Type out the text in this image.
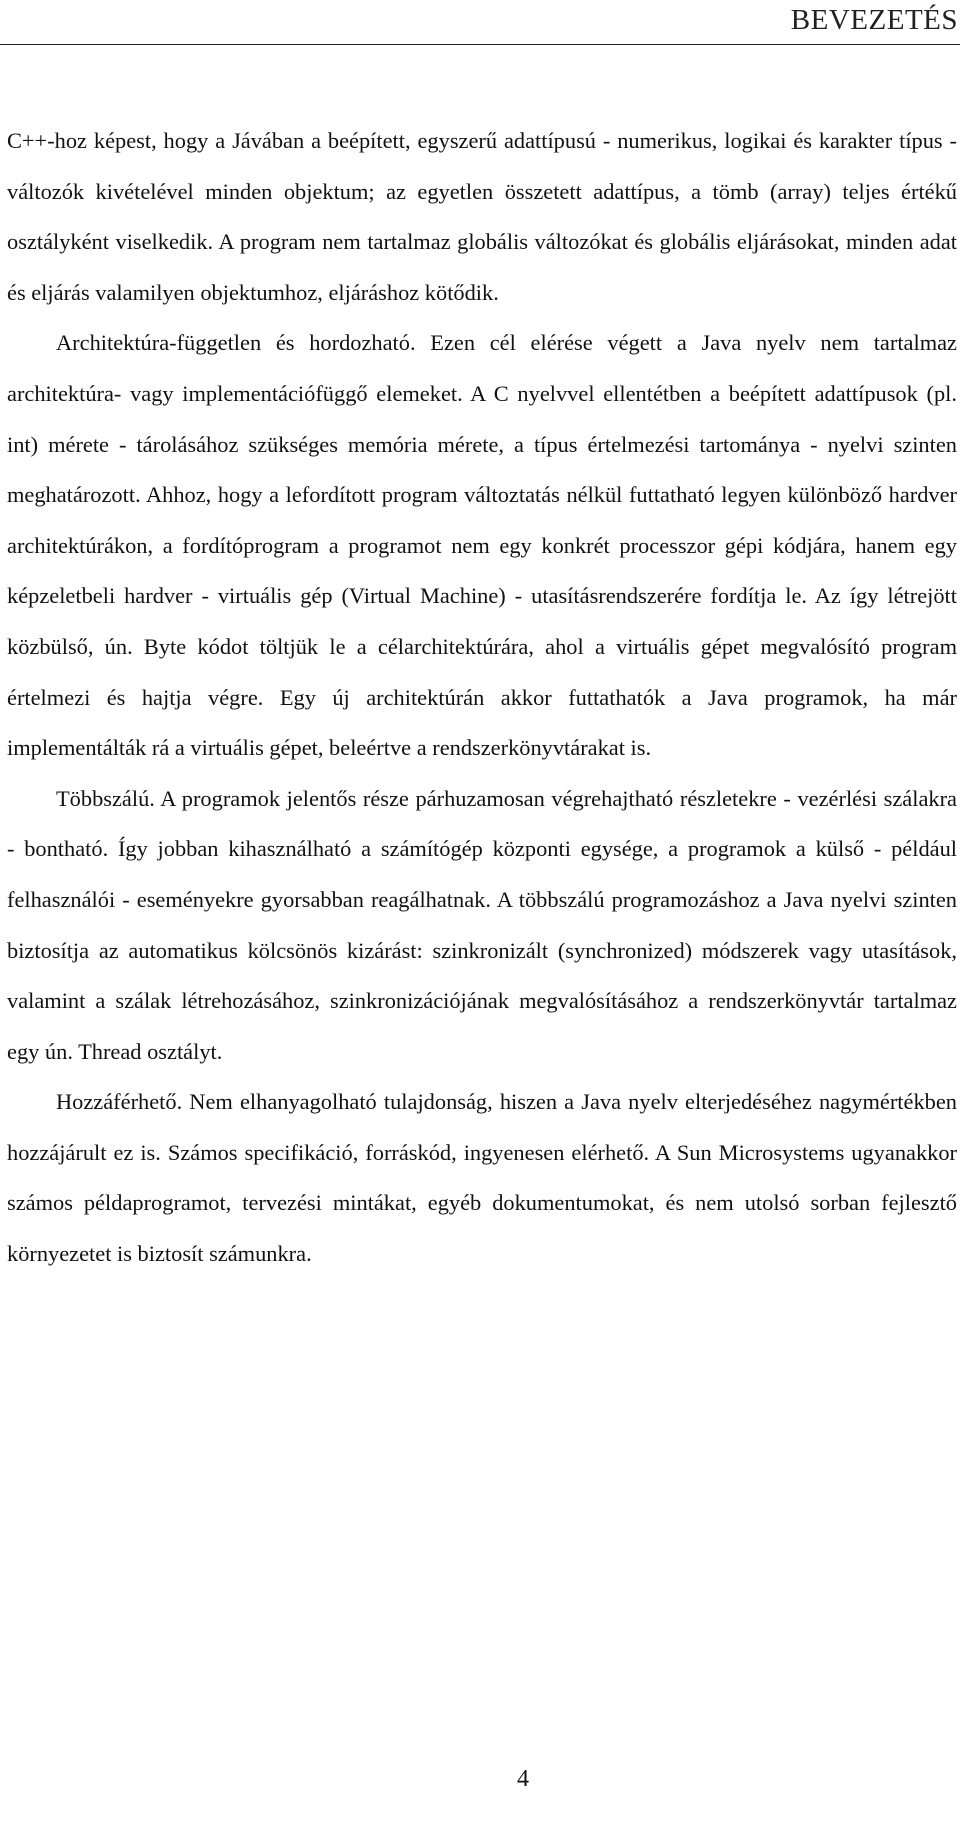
BEVEZETÉS

C++-hoz képest, hogy a Jávában a beépített, egyszerű adattípusú - numerikus, logikai és karakter típus - változók kivételével minden objektum; az egyetlen összetett adattípus, a tömb (array) teljes értékű osztályként viselkedik. A program nem tartalmaz globális változókat és globális eljárásokat, minden adat és eljárás valamilyen objektumhoz, eljáráshoz kötődik.

Architektúra-független és hordozható. Ezen cél elérése végett a Java nyelv nem tartalmaz architektúra- vagy implementációfüggő elemeket. A C nyelvvel ellentétben a beépített adattípusok (pl. int) mérete - tárolásához szükséges memória mérete, a típus értelmezési tartománya - nyelvi szinten meghatározott. Ahhoz, hogy a lefordított program változtatás nélkül futtatható legyen különböző hardver architektúrákon, a fordítóprogram a programot nem egy konkrét processzor gépi kódjára, hanem egy képzeletbeli hardver - virtuális gép (Virtual Machine) - utasításrendszerére fordítja le. Az így létrejött közbülső, ún. Byte kódot töltjük le a célarchitektúrára, ahol a virtuális gépet megvalósító program értelmezi és hajtja végre. Egy új architektúrán akkor futtathatók a Java programok, ha már implementálták rá a virtuális gépet, beleértve a rendszerkönyvtárakat is.

Többszálú. A programok jelentős része párhuzamosan végrehajtható részletekre - vezérlési szálakra - bontható. Így jobban kihasználható a számítógép központi egysége, a programok a külső - például felhasználói - eseményekre gyorsabban reagálhatnak. A többszálú programozáshoz a Java nyelvi szinten biztosítja az automatikus kölcsönös kizárást: szinkronizált (synchronized) módszerek vagy utasítások, valamint a szálak létrehozásához, szinkronizációjának megvalósításához a rendszerkönyvtár tartalmaz egy ún. Thread osztályt.

Hozzáférhető. Nem elhanyagolható tulajdonság, hiszen a Java nyelv elterjedéséhez nagymértékben hozzájárult ez is. Számos specifikáció, forráskód, ingyenesen elérhető. A Sun Microsystems ugyanakkor számos példaprogramot, tervezési mintákat, egyéb dokumentumokat, és nem utolsó sorban fejlesztő környezetet is biztosít számunkra.

4
